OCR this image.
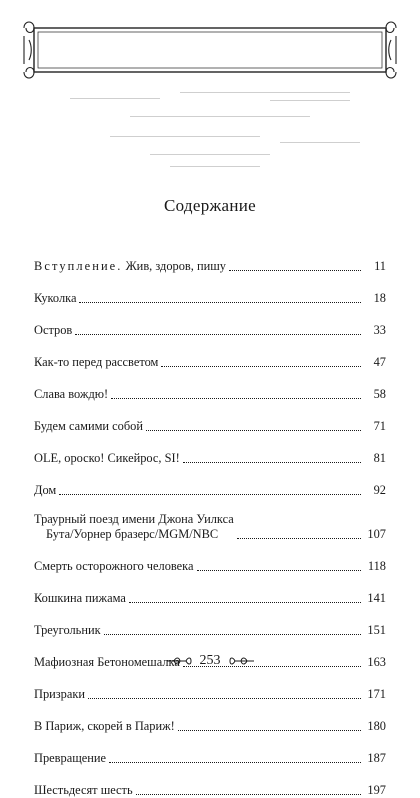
Содержание
Вступление. Жив, здоров, пишу	11
Куколка	18
Остров	33
Как-то перед рассветом	47
Слава вождю!	58
Будем самими собой	71
OLE, ороско! Сикейрос, SI!	81
Дом	92
Траурный поезд имени Джона Уилкса
Бута/Уорнер бразерс/MGM/NBC	107
Смерть осторожного человека	118
Кошкина пижама	141
Треугольник	151
Мафиозная Бетономешалка	163
Призраки	171
В Париж, скорей в Париж!	180
Превращение	187
Шестьдесят шесть	197
253
